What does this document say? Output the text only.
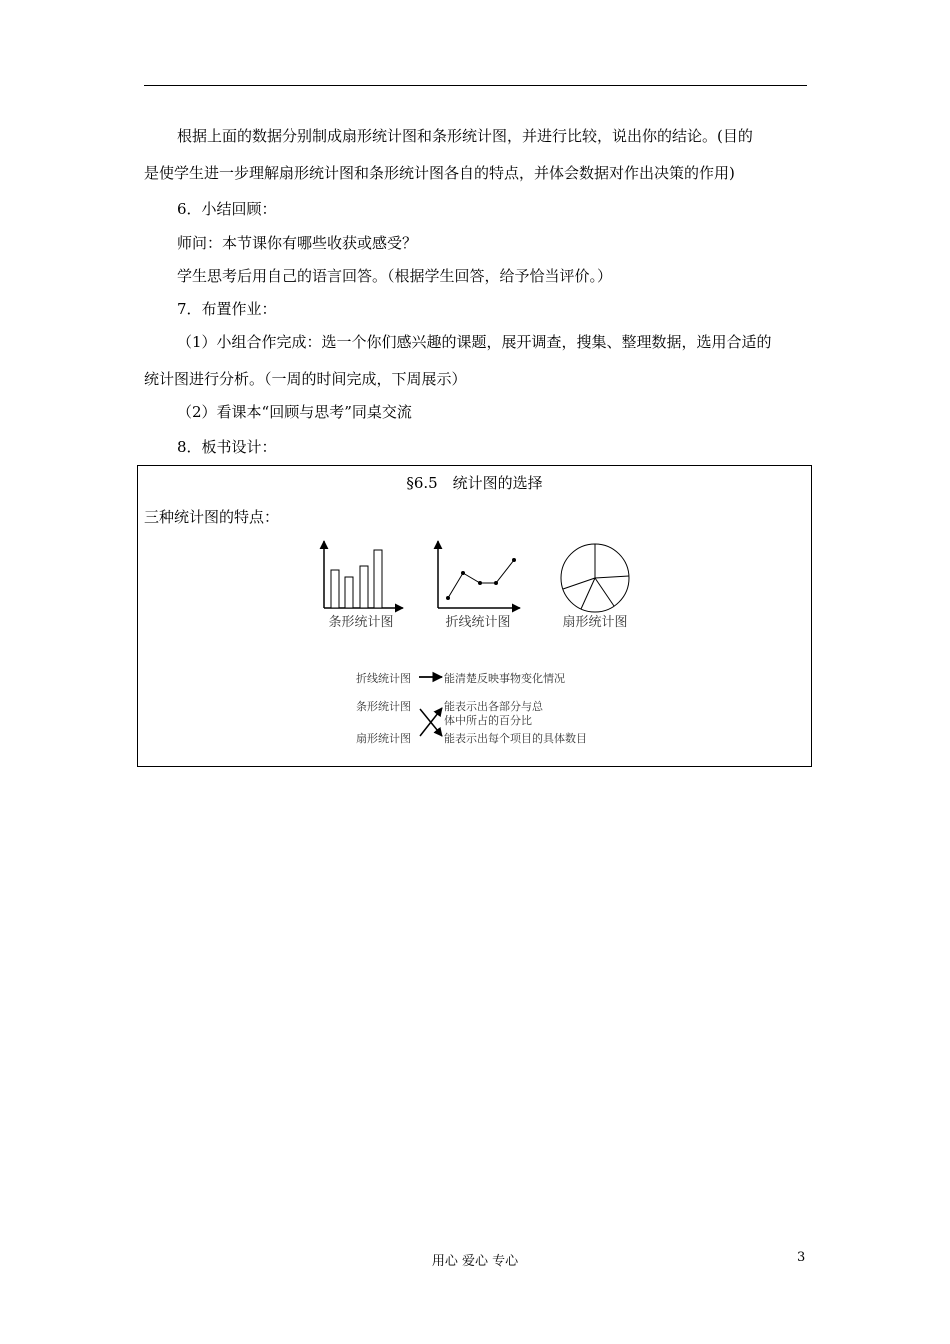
根据上面的数据分别制成扇形统计图和条形统计图，并进行比较，说出你的结论。(目的

是使学生进一步理解扇形统计图和条形统计图各自的特点，并体会数据对作出决策的作用)

6．小结回顾：

师问：本节课你有哪些收获或感受？

学生思考后用自己的语言回答。（根据学生回答，给予恰当评价。）

7．布置作业：

（1）小组合作完成：选一个你们感兴趣的课题，展开调查，搜集、整理数据，选用合适的

统计图进行分析。（一周的时间完成，下周展示）

（2）看课本“回顾与思考”同桌交流

8．板书设计：

§6.5　统计图的选择
三种统计图的特点：
条形统计图	折线统计图	扇形统计图
折线统计图
条形统计图
扇形统计图
能清楚反映事物变化情况
能表示出各部分与总
体中所占的百分比
能表示出每个项目的具体数目
用心 爱心 专心	3
